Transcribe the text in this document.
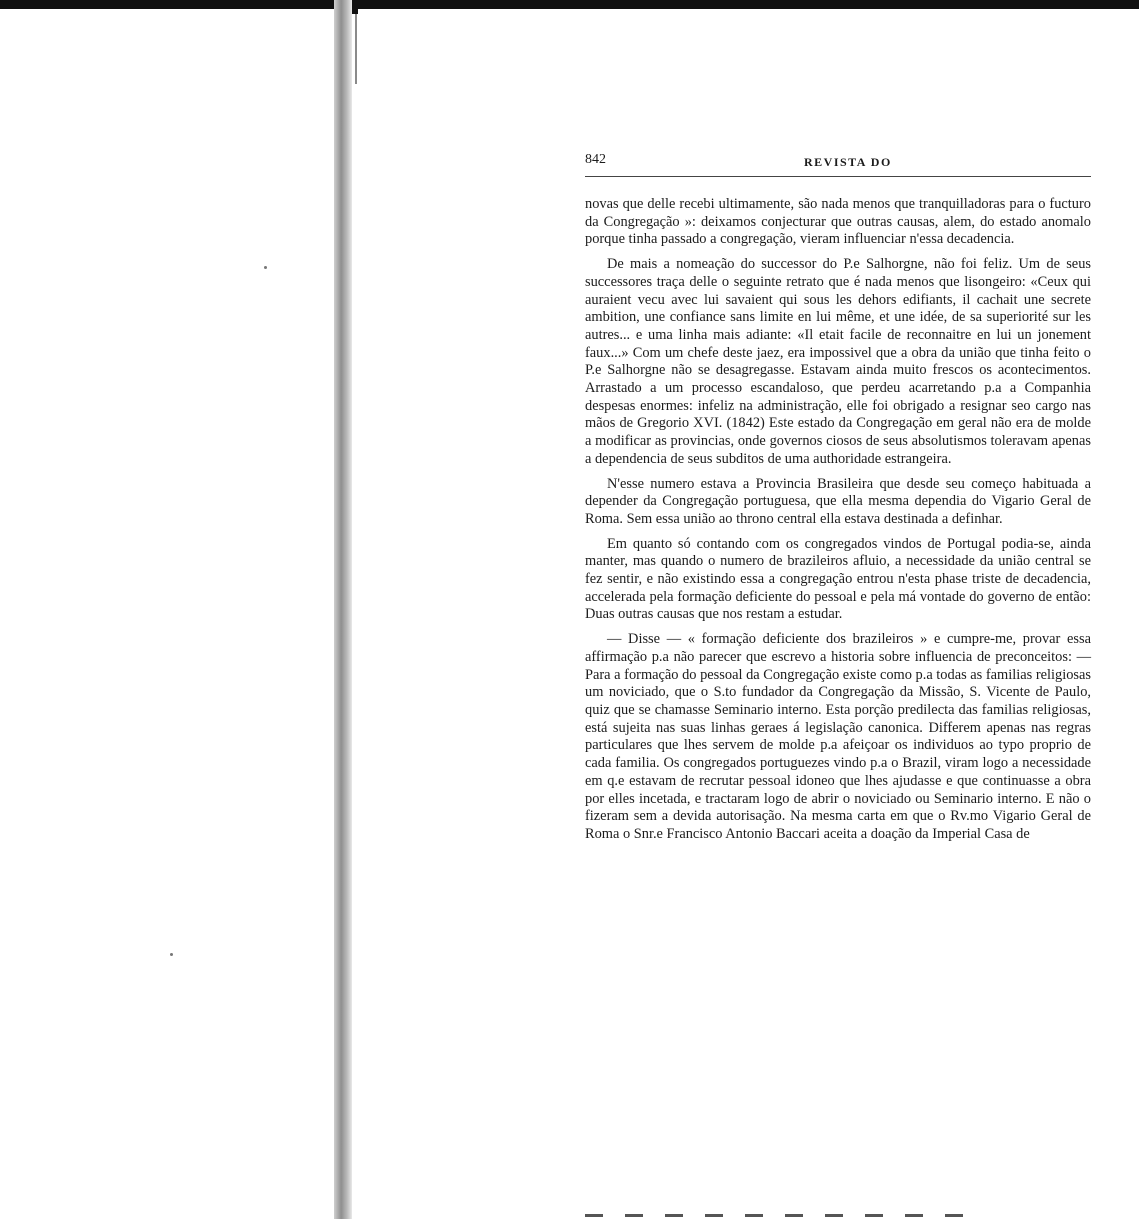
842	REVISTA DO

novas que delle recebi ultimamente, são nada menos que tranquilladoras para o fucturo da Congregação »: deixamos conjecturar que outras causas, alem, do estado anomalo porque tinha passado a congregação, vieram influenciar n'essa decadencia.

De mais a nomeação do successor do P.e Salhorgne, não foi feliz. Um de seus successores traça delle o seguinte retrato que é nada menos que lisongeiro: «Ceux qui auraient vecu avec lui savaient qui sous les dehors edifiants, il cachait une secrete ambition, une confiance sans limite en lui même, et une idée, de sa superiorité sur les autres... e uma linha mais adiante: «Il etait facile de reconnaitre en lui un jonement faux...» Com um chefe deste jaez, era impossivel que a obra da união que tinha feito o P.e Salhorgne não se desagregasse. Estavam ainda muito frescos os acontecimentos. Arrastado a um processo escandaloso, que perdeu acarretando p.a a Companhia despesas enormes: infeliz na administração, elle foi obrigado a resignar seo cargo nas mãos de Gregorio XVI. (1842) Este estado da Congregação em geral não era de molde a modificar as provincias, onde governos ciosos de seus absolutismos toleravam apenas a dependencia de seus subditos de uma authoridade estrangeira.

N'esse numero estava a Provincia Brasileira que desde seu começo habituada a depender da Congregação portuguesa, que ella mesma dependia do Vigario Geral de Roma. Sem essa união ao throno central ella estava destinada a definhar.

Em quanto só contando com os congregados vindos de Portugal podia-se, ainda manter, mas quando o numero de brazileiros afluio, a necessidade da união central se fez sentir, e não existindo essa a congregação entrou n'esta phase triste de decadencia, accelerada pela formação deficiente do pessoal e pela má vontade do governo de então: Duas outras causas que nos restam a estudar.

— Disse — « formação deficiente dos brazileiros » e cumpre-me, provar essa affirmação p.a não parecer que escrevo a historia sobre influencia de preconceitos: — Para a formação do pessoal da Congregação existe como p.a todas as familias religiosas um noviciado, que o S.to fundador da Congregação da Missão, S. Vicente de Paulo, quiz que se chamasse Seminario interno. Esta porção predilecta das familias religiosas, está sujeita nas suas linhas geraes á legislação canonica. Differem apenas nas regras particulares que lhes servem de molde p.a afeiçoar os individuos ao typo proprio de cada familia. Os congregados portuguezes vindo p.a o Brazil, viram logo a necessidade em q.e estavam de recrutar pessoal idoneo que lhes ajudasse e que continuasse a obra por elles incetada, e tractaram logo de abrir o noviciado ou Seminario interno. E não o fizeram sem a devida autorisação. Na mesma carta em que o Rv.mo Vigario Geral de Roma o Snr.e Francisco Antonio Baccari aceita a doação da Imperial Casa de
